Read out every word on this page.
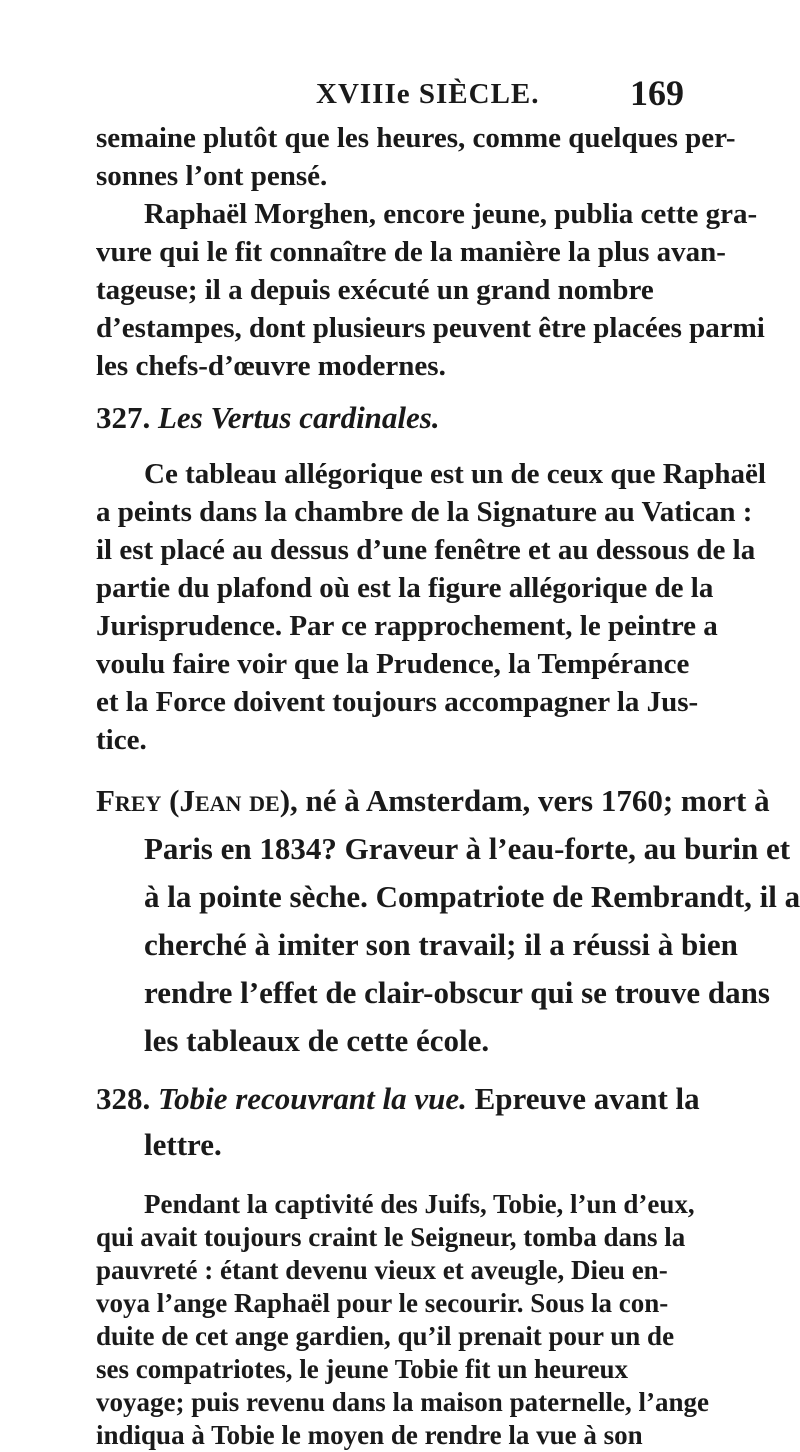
XVIIIe SIÈCLE.	169
semaine plutôt que les heures, comme quelques per-
sonnes l’ont pensé.
Raphaël Morghen, encore jeune, publia cette gra-
vure qui le fit connaître de la manière la plus avan-
tageuse; il a depuis exécuté un grand nombre
d’estampes, dont plusieurs peuvent être placées parmi
les chefs-d’œuvre modernes.
327. Les Vertus cardinales.
Ce tableau allégorique est un de ceux que Raphaël
a peints dans la chambre de la Signature au Vatican :
il est placé au dessus d’une fenêtre et au dessous de la
partie du plafond où est la figure allégorique de la
Jurisprudence. Par ce rapprochement, le peintre a
voulu faire voir que la Prudence, la Tempérance
et la Force doivent toujours accompagner la Jus-
tice.
Frey (Jean de), né à Amsterdam, vers 1760; mort à
Paris en 1834? Graveur à l’eau-forte, au burin et
à la pointe sèche. Compatriote de Rembrandt, il a
cherché à imiter son travail; il a réussi à bien
rendre l’effet de clair-obscur qui se trouve dans
les tableaux de cette école.
328. Tobie recouvrant la vue. Epreuve avant la
lettre.
Pendant la captivité des Juifs, Tobie, l’un d’eux,
qui avait toujours craint le Seigneur, tomba dans la
pauvreté : étant devenu vieux et aveugle, Dieu en-
voya l’ange Raphaël pour le secourir. Sous la con-
duite de cet ange gardien, qu’il prenait pour un de
ses compatriotes, le jeune Tobie fit un heureux
voyage; puis revenu dans la maison paternelle, l’ange
indiqua à Tobie le moyen de rendre la vue à son
